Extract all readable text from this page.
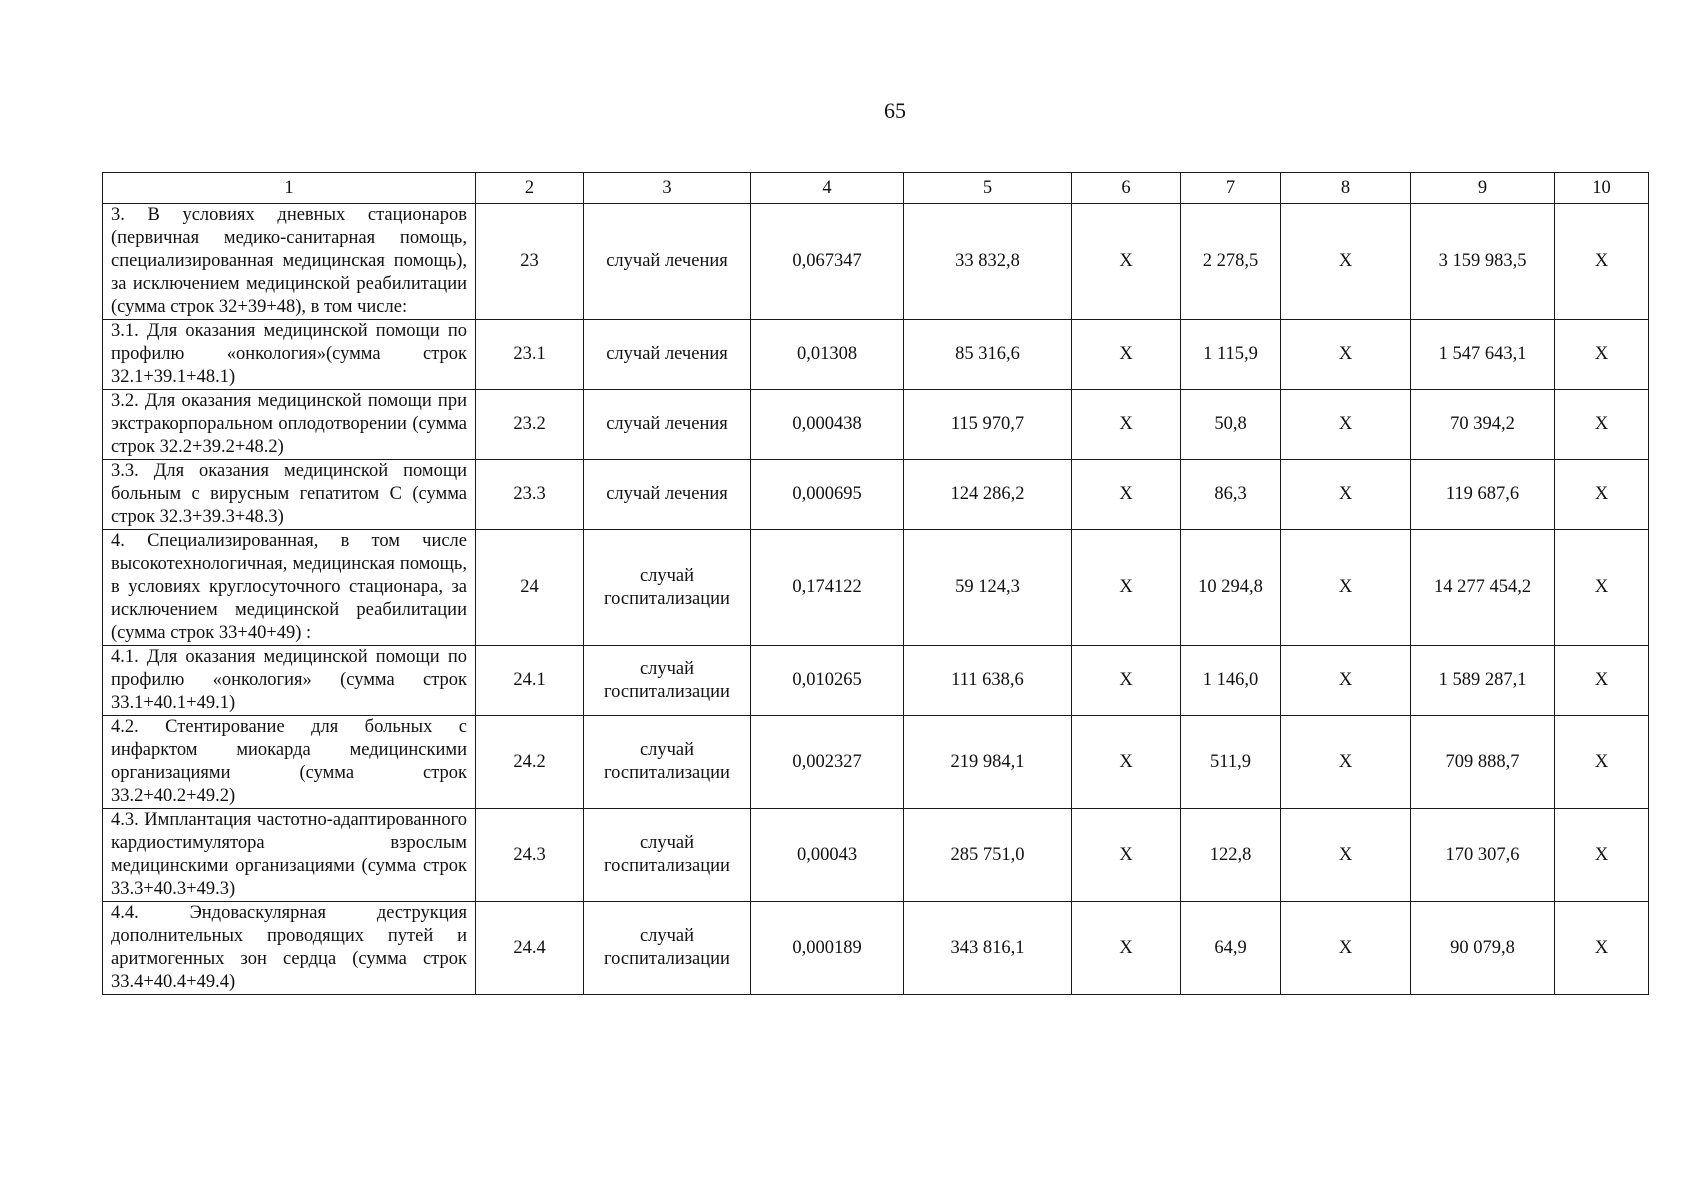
65
1	2	3	4	5	6	7	8	9	10
3. В условиях дневных стационаров (первичная медико-санитарная помощь, специализированная медицинская помощь), за исключением медицинской реабилитации (сумма строк 32+39+48), в том числе:	23	случай лечения	0,067347	33 832,8	Х	2 278,5	Х	3 159 983,5	Х
3.1. Для оказания медицинской помощи по профилю «онкология»(сумма строк 32.1+39.1+48.1)	23.1	случай лечения	0,01308	85 316,6	Х	1 115,9	Х	1 547 643,1	Х
3.2. Для оказания медицинской помощи при экстракорпоральном оплодотворении (сумма строк 32.2+39.2+48.2)	23.2	случай лечения	0,000438	115 970,7	Х	50,8	Х	70 394,2	Х
3.3. Для оказания медицинской помощи больным с вирусным гепатитом С (сумма строк 32.3+39.3+48.3)	23.3	случай лечения	0,000695	124 286,2	Х	86,3	Х	119 687,6	Х
4. Специализированная, в том числе высокотехнологичная, медицинская помощь, в условиях круглосуточного стационара, за исключением медицинской реабилитации (сумма строк 33+40+49) :	24	случай госпитализации	0,174122	59 124,3	Х	10 294,8	Х	14 277 454,2	Х
4.1. Для оказания медицинской помощи по профилю «онкология» (сумма строк 33.1+40.1+49.1)	24.1	случай госпитализации	0,010265	111 638,6	Х	1 146,0	Х	1 589 287,1	Х
4.2. Стентирование для больных с инфарктом миокарда медицинскими организациями (сумма строк 33.2+40.2+49.2)	24.2	случай госпитализации	0,002327	219 984,1	Х	511,9	Х	709 888,7	Х
4.3. Имплантация частотно-адаптированного кардиостимулятора взрослым медицинскими организациями (сумма строк 33.3+40.3+49.3)	24.3	случай госпитализации	0,00043	285 751,0	Х	122,8	Х	170 307,6	Х
4.4. Эндоваскулярная деструкция дополнительных проводящих путей и аритмогенных зон сердца (сумма строк 33.4+40.4+49.4)	24.4	случай госпитализации	0,000189	343 816,1	Х	64,9	Х	90 079,8	Х
